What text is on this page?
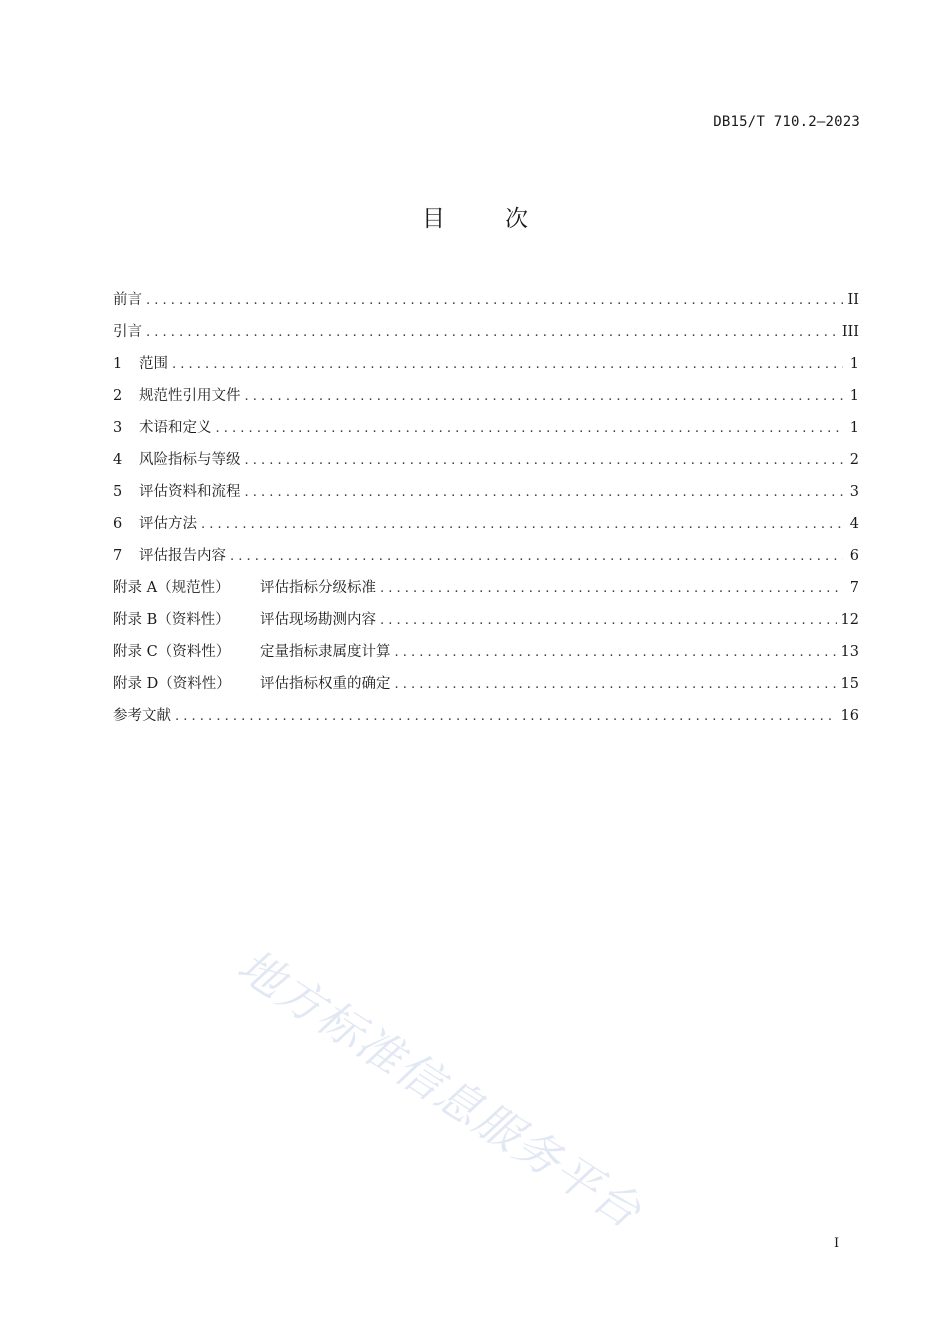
DB15/T 710.2—2023
目次
前言 . . .	II
引言 . . .	III
1	范围 . . .	1
2	规范性引用文件 . . .	1
3	术语和定义 . . .	1
4	风险指标与等级 . . .	2
5	评估资料和流程 . . .	3
6	评估方法 . . .	4
7	评估报告内容 . . .	6
附录 A（规范性）	评估指标分级标准 . . .	7
附录 B（资料性）	评估现场勘测内容 . . .	12
附录 C（资料性）	定量指标隶属度计算 . . .	13
附录 D（资料性）	评估指标权重的确定 . . .	15
参考文献 . . .	16
地方标准信息服务平台
I
